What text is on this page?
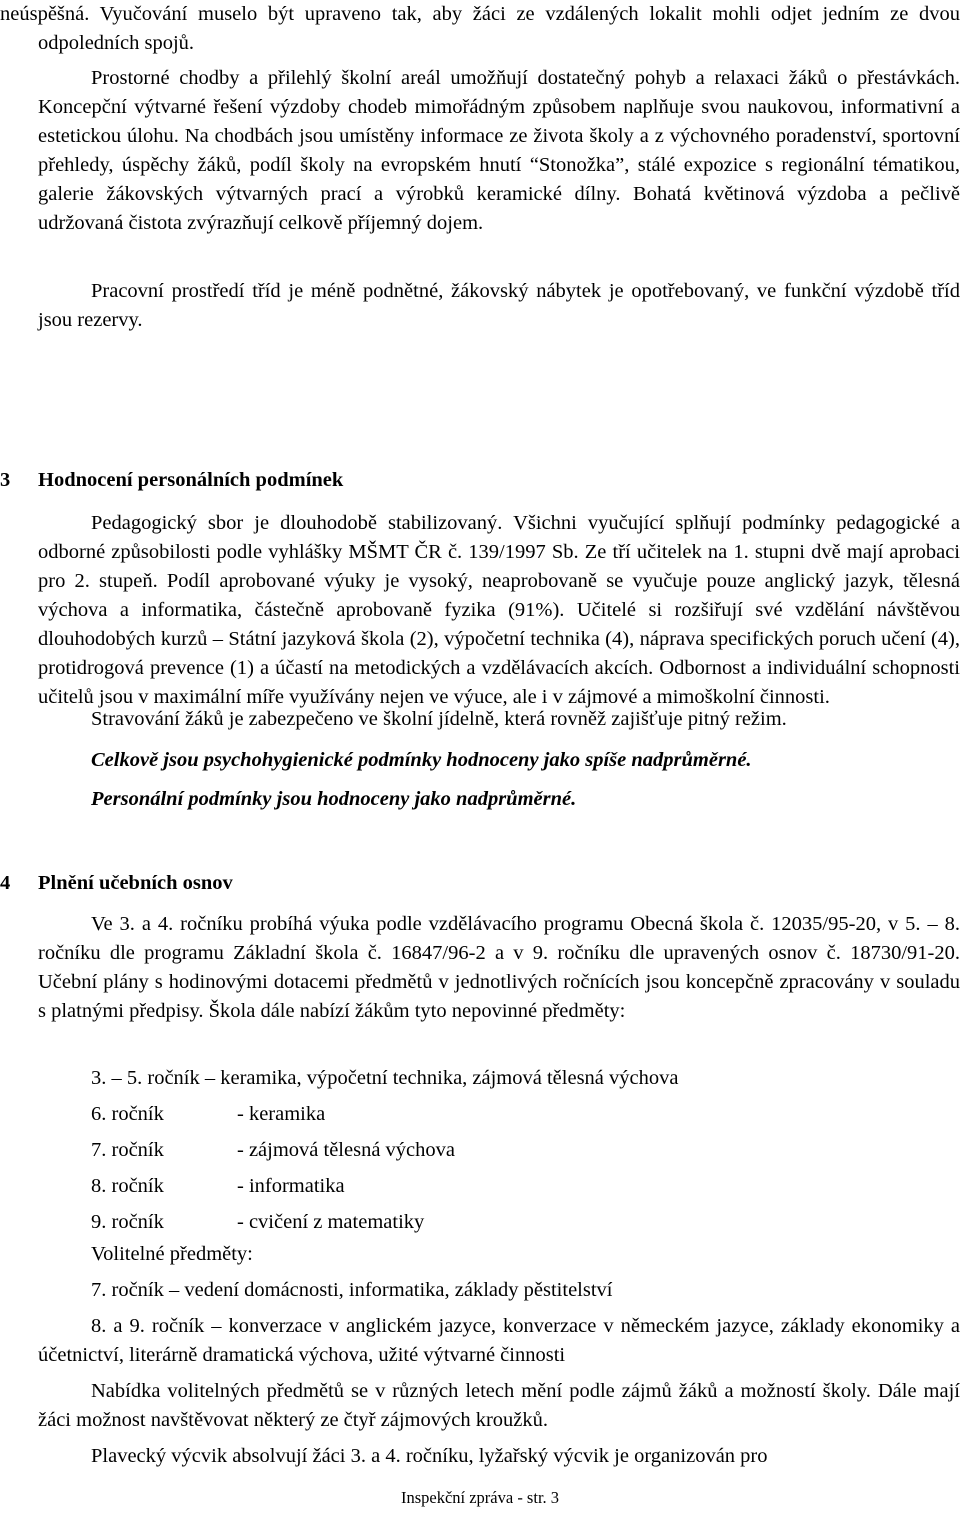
neúspěšná. Vyučování muselo být upraveno tak, aby žáci ze vzdálených lokalit mohli odjet jedním ze dvou odpoledních spojů.

Prostorné chodby a přilehlý školní areál umožňují dostatečný pohyb a relaxaci žáků o přestávkách. Koncepční výtvarné řešení výzdoby chodeb mimořádným způsobem naplňuje svou naukovou, informativní a estetickou úlohu. Na chodbách jsou umístěny informace ze života školy a z výchovného poradenství, sportovní přehledy, úspěchy žáků, podíl školy na evropském hnutí “Stonožka”, stálé expozice s regionální tématikou, galerie žákovských výtvarných prací a výrobků keramické dílny. Bohatá květinová výzdoba a pečlivě udržovaná čistota zvýrazňují celkově příjemný dojem.

Pracovní prostředí tříd je méně podnětné, žákovský nábytek je opotřebovaný, ve funkční výzdobě tříd jsou rezervy.

Stravování žáků je zabezpečeno ve školní jídelně, která rovněž zajišťuje pitný režim.

Celkově jsou psychohygienické podmínky hodnoceny jako spíše nadprůměrné.

3 Hodnocení personálních podmínek

Pedagogický sbor je dlouhodobě stabilizovaný. Všichni vyučující splňují podmínky pedagogické a odborné způsobilosti podle vyhlášky MŠMT ČR č. 139/1997 Sb. Ze tří učitelek na 1. stupni dvě mají aprobaci pro 2. stupeň. Podíl aprobované výuky je vysoký, neaprobovaně se vyučuje pouze anglický jazyk, tělesná výchova a informatika, částečně aprobovaně fyzika (91%). Učitelé si rozšiřují své vzdělání návštěvou dlouhodobých kurzů – Státní jazyková škola (2), výpočetní technika (4), náprava specifických poruch učení (4), protidrogová prevence (1) a účastí na metodických a vzdělávacích akcích. Odbornost a individuální schopnosti učitelů jsou v maximální míře využívány nejen ve výuce, ale i v zájmové a mimoškolní činnosti.

Personální podmínky jsou hodnoceny jako nadprůměrné.

4 Plnění učebních osnov

Ve 3. a 4. ročníku probíhá výuka podle vzdělávacího programu Obecná škola č. 12035/95-20, v 5. – 8. ročníku dle programu Základní škola č. 16847/96-2 a v 9. ročníku dle upravených osnov č. 18730/91-20. Učební plány s hodinovými dotacemi předmětů v jednotlivých ročnících jsou koncepčně zpracovány v souladu s platnými předpisy. Škola dále nabízí žákům tyto nepovinné předměty:

3. – 5. ročník – keramika, výpočetní technika, zájmová tělesná výchova

6. ročník	- keramika
7. ročník	- zájmová tělesná výchova
8. ročník	- informatika
9. ročník	- cvičení z matematiky

Volitelné předměty:

7. ročník – vedení domácnosti, informatika, základy pěstitelství

8. a 9. ročník – konverzace v anglickém jazyce, konverzace v německém jazyce, základy ekonomiky a účetnictví, literárně dramatická výchova, užité výtvarné činnosti

Nabídka volitelných předmětů se v různých letech mění podle zájmů žáků a možností školy. Dále mají žáci možnost navštěvovat některý ze čtyř zájmových kroužků.

Plavecký výcvik absolvují žáci 3. a 4. ročníku, lyžařský výcvik je organizován pro

Inspekční zpráva - str. 3
